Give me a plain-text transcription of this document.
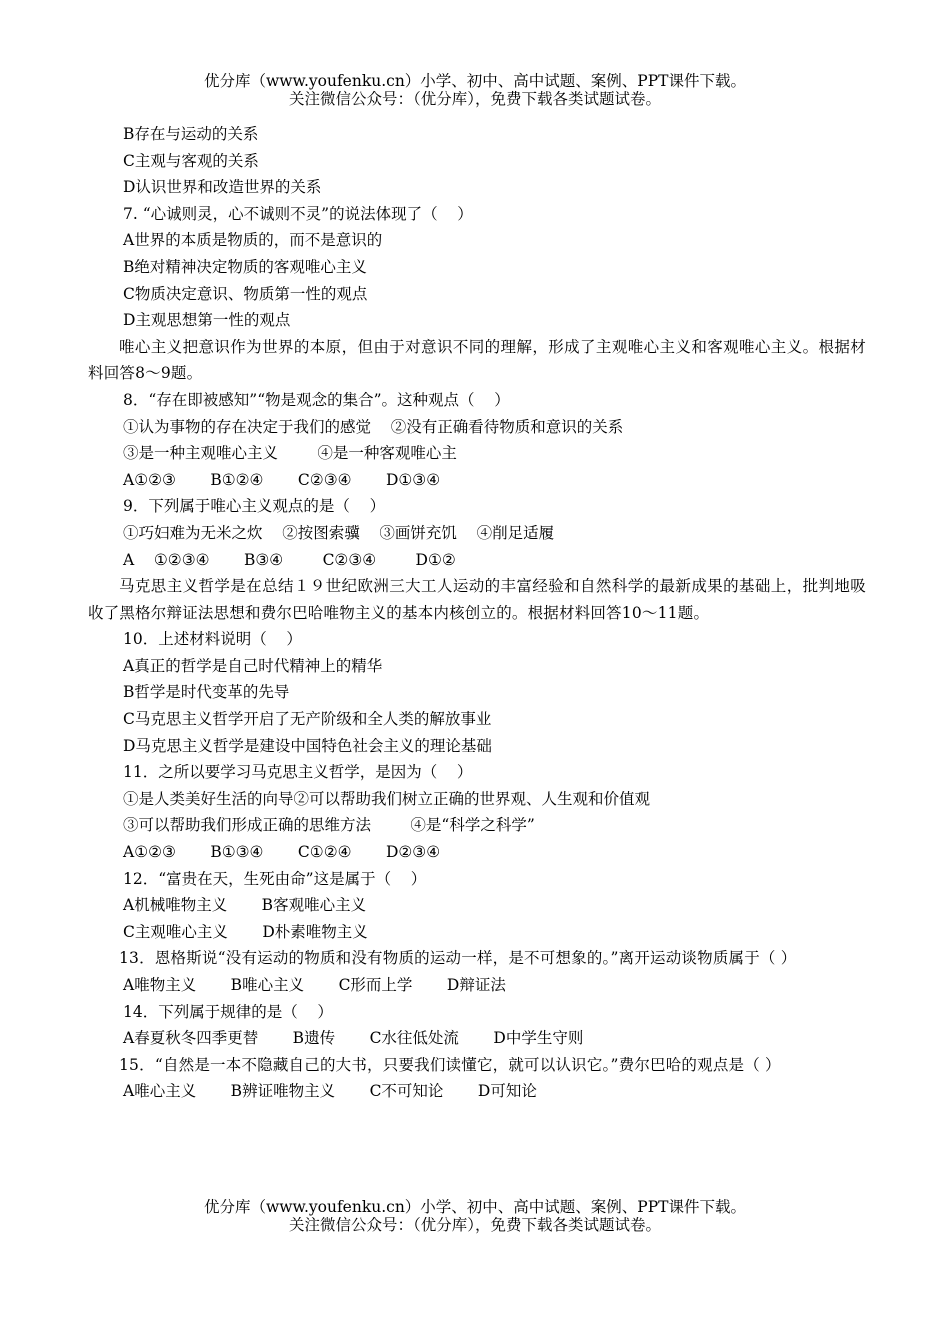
优分库（www.youfenku.cn）小学、初中、高中试题、案例、PPT课件下载。
关注微信公众号：（优分库），免费下载各类试题试卷。
B存在与运动的关系
C主观与客观的关系
D认识世界和改造世界的关系
7. “心诚则灵，心不诚则不灵”的说法体现了（    ）
A世界的本质是物质的，而不是意识的
B绝对精神决定物质的客观唯心主义
C物质决定意识、物质第一性的观点
D主观思想第一性的观点
唯心主义把意识作为世界的本原，但由于对意识不同的理解，形成了主观唯心主义和客观唯心主义。根据材料回答8～9题。
8．“存在即被感知”“物是观念的集合”。这种观点（    ）
①认为事物的存在决定于我们的感觉    ②没有正确看待物质和意识的关系
③是一种主观唯心主义        ④是一种客观唯心主
A①②③       B①②④       C②③④       D①③④
9．下列属于唯心主义观点的是（    ）
①巧妇难为无米之炊    ②按图索骥    ③画饼充饥    ④削足适履
A    ①②③④       B③④        C②③④        D①②
马克思主义哲学是在总结１９世纪欧洲三大工人运动的丰富经验和自然科学的最新成果的基础上，批判地吸收了黑格尔辩证法思想和费尔巴哈唯物主义的基本内核创立的。根据材料回答10～11题。
10．上述材料说明（    ）
A真正的哲学是自己时代精神上的精华
B哲学是时代变革的先导
C马克思主义哲学开启了无产阶级和全人类的解放事业
D马克思主义哲学是建设中国特色社会主义的理论基础
11．之所以要学习马克思主义哲学，是因为（    ）
①是人类美好生活的向导②可以帮助我们树立正确的世界观、人生观和价值观
③可以帮助我们形成正确的思维方法        ④是“科学之科学”
A①②③       B①③④       C①②④       D②③④
12．“富贵在天，生死由命”这是属于（    ）
A机械唯物主义       B客观唯心主义
C主观唯心主义       D朴素唯物主义
13．恩格斯说“没有运动的物质和没有物质的运动一样，是不可想象的。”离开运动谈物质属于（ ）
A唯物主义       B唯心主义       C形而上学       D辩证法
14．下列属于规律的是（    ）
A春夏秋冬四季更替       B遗传       C水往低处流       D中学生守则
15．“自然是一本不隐藏自己的大书，只要我们读懂它，就可以认识它。”费尔巴哈的观点是（ ）
A唯心主义       B辨证唯物主义       C不可知论       D可知论
优分库（www.youfenku.cn）小学、初中、高中试题、案例、PPT课件下载。
关注微信公众号：（优分库），免费下载各类试题试卷。
